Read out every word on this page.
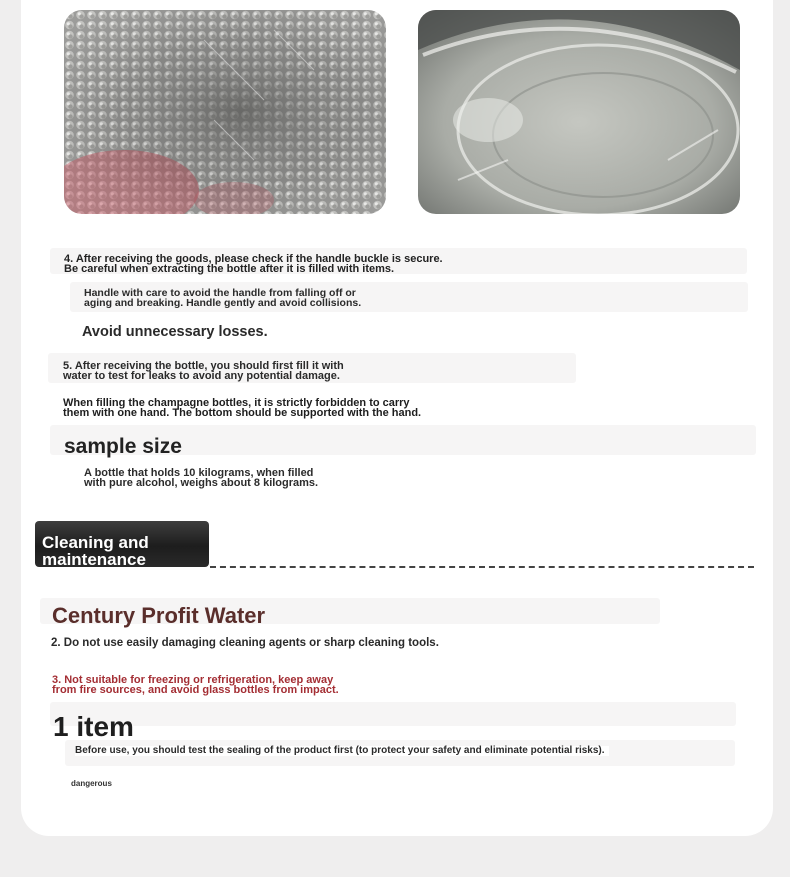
4. After receiving the goods, please check if the handle buckle is secure.
Be careful when extracting the bottle after it is filled with items.
Handle with care to avoid the handle from falling off or
aging and breaking. Handle gently and avoid collisions.
Avoid unnecessary losses.
5. After receiving the bottle, you should first fill it with
water to test for leaks to avoid any potential damage.
When filling the champagne bottles, it is strictly forbidden to carry
them with one hand. The bottom should be supported with the hand.
sample size
A bottle that holds 10 kilograms, when filled
with pure alcohol, weighs about 8 kilograms.
Cleaning and
maintenance
Century Profit Water
2. Do not use easily damaging cleaning agents or sharp cleaning tools.
3. Not suitable for freezing or refrigeration, keep away
from fire sources, and avoid glass bottles from impact.
1 item
Before use, you should test the sealing of the product first (to protect your safety and eliminate potential risks).
dangerous
